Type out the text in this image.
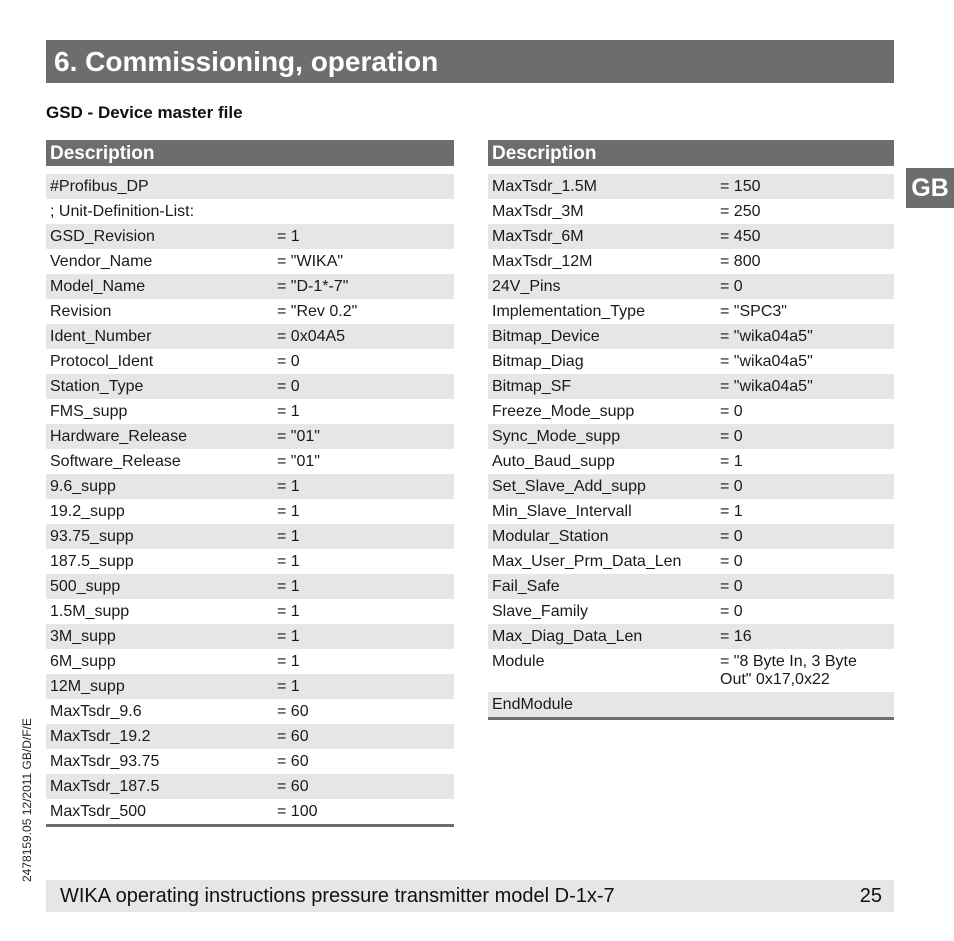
6. Commissioning, operation
GSD - Device master file
Description
#Profibus_DP
; Unit-Definition-List:
GSD_Revision	= 1
Vendor_Name	= "WIKA"
Model_Name	= "D-1*-7"
Revision	= "Rev 0.2"
Ident_Number	= 0x04A5
Protocol_Ident	= 0
Station_Type	= 0
FMS_supp	= 1
Hardware_Release	= "01"
Software_Release	= "01"
9.6_supp	= 1
19.2_supp	= 1
93.75_supp	= 1
187.5_supp	= 1
500_supp	= 1
1.5M_supp	= 1
3M_supp	= 1
6M_supp	= 1
12M_supp	= 1
MaxTsdr_9.6	= 60
MaxTsdr_19.2	= 60
MaxTsdr_93.75	= 60
MaxTsdr_187.5	= 60
MaxTsdr_500	= 100
Description
MaxTsdr_1.5M	= 150
MaxTsdr_3M	= 250
MaxTsdr_6M	= 450
MaxTsdr_12M	= 800
24V_Pins	= 0
Implementation_Type	= "SPC3"
Bitmap_Device	= "wika04a5"
Bitmap_Diag	= "wika04a5"
Bitmap_SF	= "wika04a5"
Freeze_Mode_supp	= 0
Sync_Mode_supp	= 0
Auto_Baud_supp	= 1
Set_Slave_Add_supp	= 0
Min_Slave_Intervall	= 1
Modular_Station	= 0
Max_User_Prm_Data_Len	= 0
Fail_Safe	= 0
Slave_Family	= 0
Max_Diag_Data_Len	= 16
Module	= "8 Byte In, 3 Byte Out" 0x17,0x22
EndModule
GB
2478159.05 12/2011 GB/D/F/E
WIKA operating instructions pressure transmitter model D-1x-7	25
